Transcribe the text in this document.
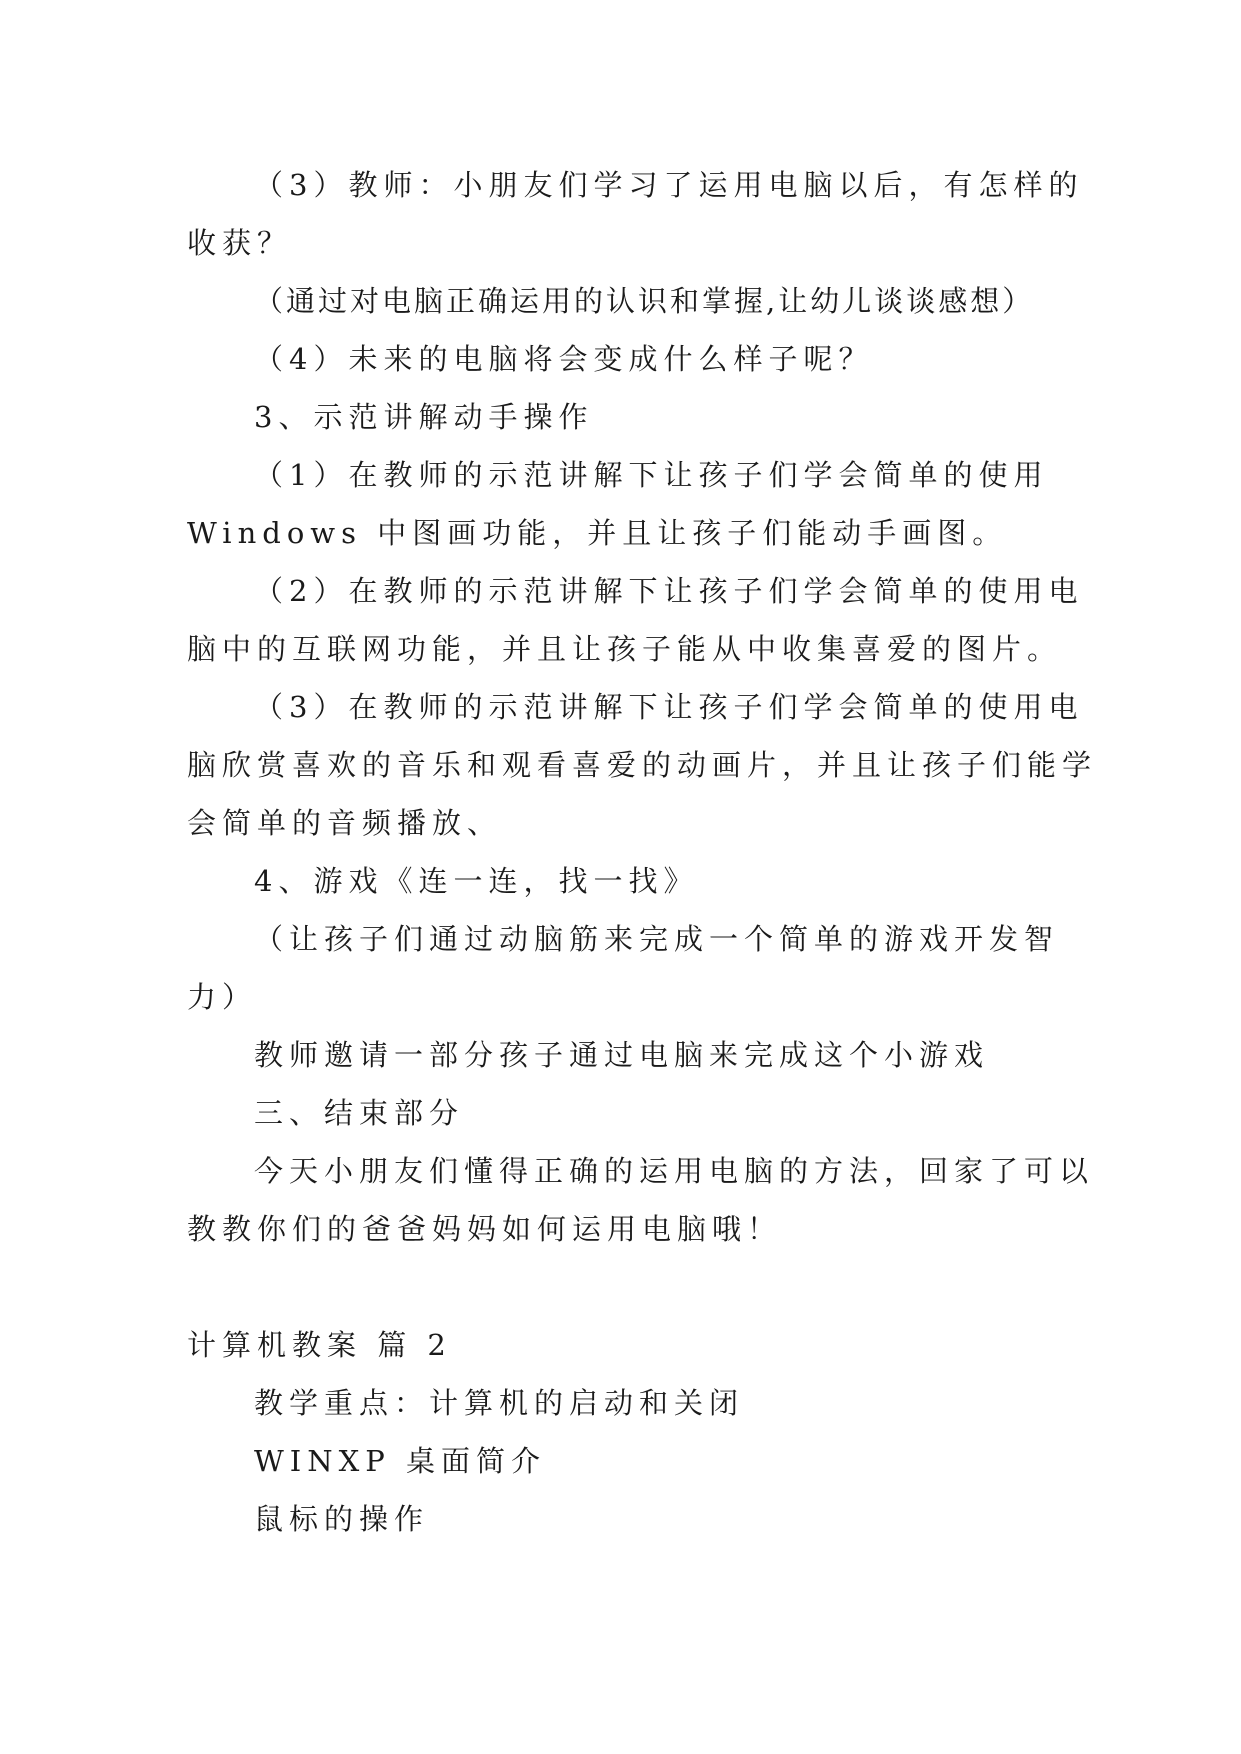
（3）教师：小朋友们学习了运用电脑以后，有怎样的
收获？
（通过对电脑正确运用的认识和掌握,让幼儿谈谈感想）
（4）未来的电脑将会变成什么样子呢？
3、示范讲解动手操作
（1）在教师的示范讲解下让孩子们学会简单的使用
Windows 中图画功能，并且让孩子们能动手画图。
（2）在教师的示范讲解下让孩子们学会简单的使用电
脑中的互联网功能，并且让孩子能从中收集喜爱的图片。
（3）在教师的示范讲解下让孩子们学会简单的使用电
脑欣赏喜欢的音乐和观看喜爱的动画片，并且让孩子们能学
会简单的音频播放、
4、游戏《连一连，找一找》
（让孩子们通过动脑筋来完成一个简单的游戏开发智
力）
教师邀请一部分孩子通过电脑来完成这个小游戏
三、结束部分
今天小朋友们懂得正确的运用电脑的方法，回家了可以
教教你们的爸爸妈妈如何运用电脑哦！
计算机教案 篇 2
教学重点：计算机的启动和关闭
WINXP 桌面简介
鼠标的操作
